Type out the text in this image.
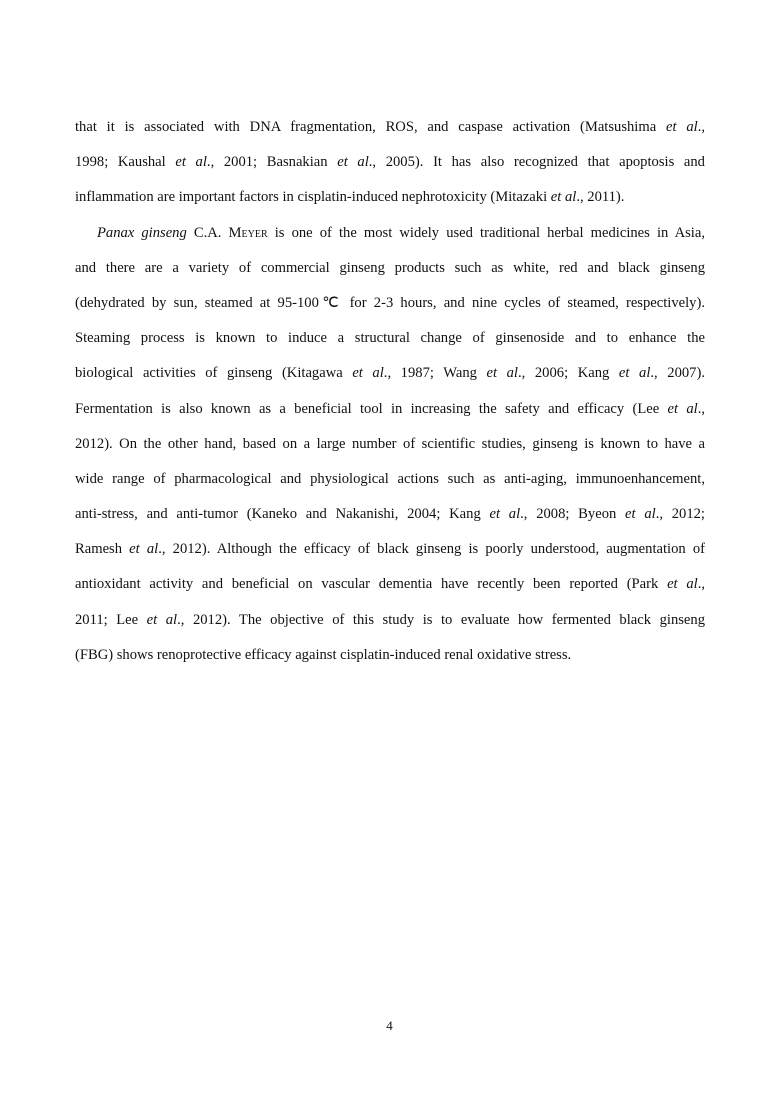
that it is associated with DNA fragmentation, ROS, and caspase activation (Matsushima et al.,
1998; Kaushal et al., 2001; Basnakian et al., 2005). It has also recognized that apoptosis and
inflammation are important factors in cisplatin-induced nephrotoxicity (Mitazaki et al., 2011).

Panax ginseng C.A. Meyer is one of the most widely used traditional herbal medicines in Asia,
and there are a variety of commercial ginseng products such as white, red and black ginseng
(dehydrated by sun, steamed at 95-100℃ for 2-3 hours, and nine cycles of steamed, respectively).
Steaming process is known to induce a structural change of ginsenoside and to enhance the
biological activities of ginseng (Kitagawa et al., 1987; Wang et al., 2006; Kang et al., 2007).
Fermentation is also known as a beneficial tool in increasing the safety and efficacy (Lee et al.,
2012). On the other hand, based on a large number of scientific studies, ginseng is known to have a
wide range of pharmacological and physiological actions such as anti-aging, immunoenhancement,
anti-stress, and anti-tumor (Kaneko and Nakanishi, 2004; Kang et al., 2008; Byeon et al., 2012;
Ramesh et al., 2012). Although the efficacy of black ginseng is poorly understood, augmentation of
antioxidant activity and beneficial on vascular dementia have recently been reported (Park et al.,
2011; Lee et al., 2012). The objective of this study is to evaluate how fermented black ginseng
(FBG) shows renoprotective efficacy against cisplatin-induced renal oxidative stress.

4
